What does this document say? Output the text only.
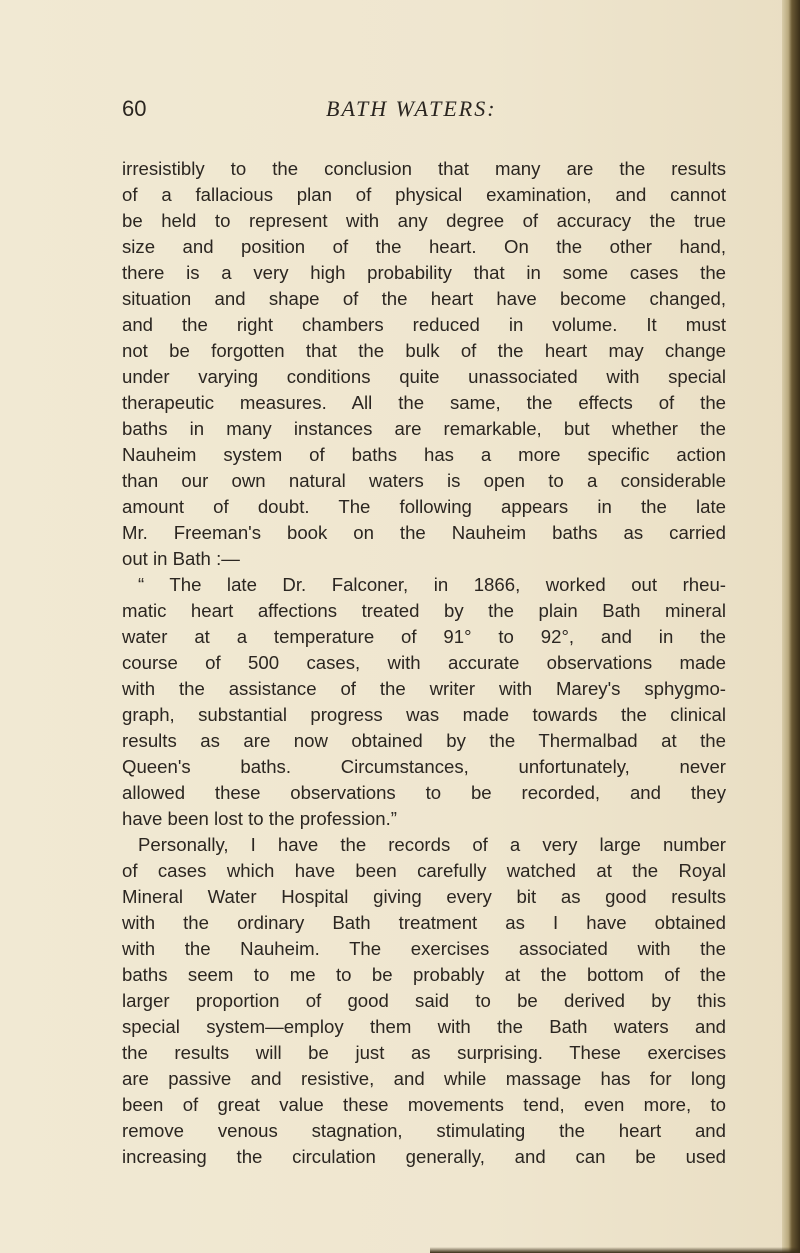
60	BATH WATERS:
irresistibly to the conclusion that many are the results
of a fallacious plan of physical examination, and cannot
be held to represent with any degree of accuracy the true
size and position of the heart. On the other hand,
there is a very high probability that in some cases the
situation and shape of the heart have become changed,
and the right chambers reduced in volume. It must
not be forgotten that the bulk of the heart may change
under varying conditions quite unassociated with special
therapeutic measures. All the same, the effects of the
baths in many instances are remarkable, but whether the
Nauheim system of baths has a more specific action
than our own natural waters is open to a considerable
amount of doubt. The following appears in the late
Mr. Freeman's book on the Nauheim baths as carried
out in Bath :—
“ The late Dr. Falconer, in 1866, worked out rheu-
matic heart affections treated by the plain Bath mineral
water at a temperature of 91° to 92°, and in the
course of 500 cases, with accurate observations made
with the assistance of the writer with Marey's sphygmo-
graph, substantial progress was made towards the clinical
results as are now obtained by the Thermalbad at the
Queen's baths. Circumstances, unfortunately, never
allowed these observations to be recorded, and they
have been lost to the profession.”
Personally, I have the records of a very large number
of cases which have been carefully watched at the Royal
Mineral Water Hospital giving every bit as good results
with the ordinary Bath treatment as I have obtained
with the Nauheim. The exercises associated with the
baths seem to me to be probably at the bottom of the
larger proportion of good said to be derived by this
special system—employ them with the Bath waters and
the results will be just as surprising. These exercises
are passive and resistive, and while massage has for long
been of great value these movements tend, even more, to
remove venous stagnation, stimulating the heart and
increasing the circulation generally, and can be used
